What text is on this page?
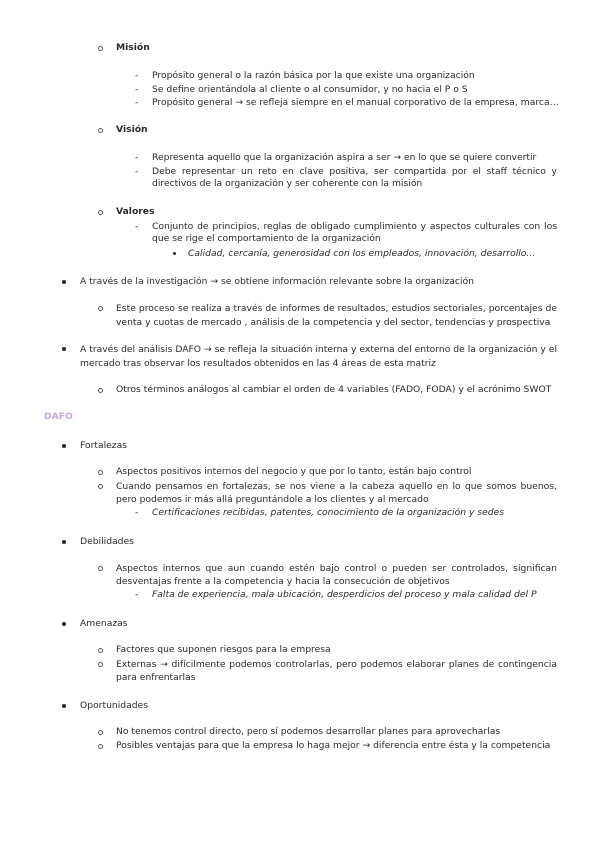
Misión
- Propósito general o la razón básica por la que existe una organización
- Se define orientándola al cliente o al consumidor, y no hacia el P o S
- Propósito general → se refleja siempre en el manual corporativo de la empresa, marca…
Visión
- Representa aquello que la organización aspira a ser → en lo que se quiere convertir
- Debe representar un reto en clave positiva, ser compartida por el staff técnico y directivos de la organización y ser coherente con la misión
Valores
- Conjunto de principios, reglas de obligado cumplimiento y aspectos culturales con los que se rige el comportamiento de la organización
Calidad, cercanía, generosidad con los empleados, innovación, desarrollo…
A través de la investigación → se obtiene información relevante sobre la organización
Este proceso se realiza a través de informes de resultados, estudios sectoriales, porcentajes de venta y cuotas de mercado , análisis de la competencia y del sector, tendencias y prospectiva
A través del análisis DAFO → se refleja la situación interna y externa del entorno de la organización y el mercado tras observar los resultados obtenidos en las 4 áreas de esta matriz
Otros términos análogos al cambiar el orden de 4 variables (FADO, FODA) y el acrónimo SWOT
DAFO
Fortalezas
Aspectos positivos internos del negocio y que por lo tanto, están bajo control
Cuando pensamos en fortalezas, se nos viene a la cabeza aquello en lo que somos buenos, pero podemos ir más allá preguntándole a los clientes y al mercado
- Certificaciones recibidas, patentes, conocimiento de la organización y sedes
Debilidades
Aspectos internos que aun cuando estén bajo control o pueden ser controlados, significan desventajas frente a la competencia y hacia la consecución de objetivos
- Falta de experiencia, mala ubicación, desperdicios del proceso y mala calidad del P
Amenazas
Factores que suponen riesgos para la empresa
Externas → difícilmente podemos controlarlas, pero podemos elaborar planes de contingencia para enfrentarlas
Oportunidades
No tenemos control directo, pero sí podemos desarrollar planes para aprovecharlas
Posibles ventajas para que la empresa lo haga mejor → diferencia entre ésta y la competencia
